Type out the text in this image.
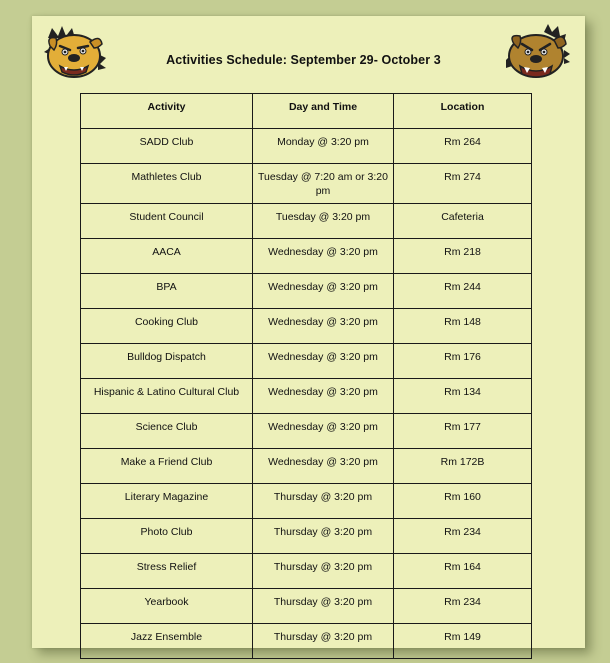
Activities Schedule: September 29- October 3
Activity	Day and Time	Location
SADD Club	Monday @ 3:20 pm	Rm 264
Mathletes Club	Tuesday @ 7:20 am or 3:20 pm	Rm 274
Student Council	Tuesday @ 3:20 pm	Cafeteria
AACA	Wednesday @ 3:20 pm	Rm 218
BPA	Wednesday @ 3:20 pm	Rm 244
Cooking Club	Wednesday @ 3:20 pm	Rm 148
Bulldog Dispatch	Wednesday @ 3:20 pm	Rm 176
Hispanic & Latino Cultural Club	Wednesday @ 3:20 pm	Rm 134
Science Club	Wednesday @ 3:20 pm	Rm 177
Make a Friend Club	Wednesday @ 3:20 pm	Rm 172B
Literary Magazine	Thursday @ 3:20 pm	Rm 160
Photo Club	Thursday @ 3:20 pm	Rm 234
Stress Relief	Thursday @ 3:20 pm	Rm 164
Yearbook	Thursday @ 3:20 pm	Rm 234
Jazz Ensemble	Thursday @ 3:20 pm	Rm 149
